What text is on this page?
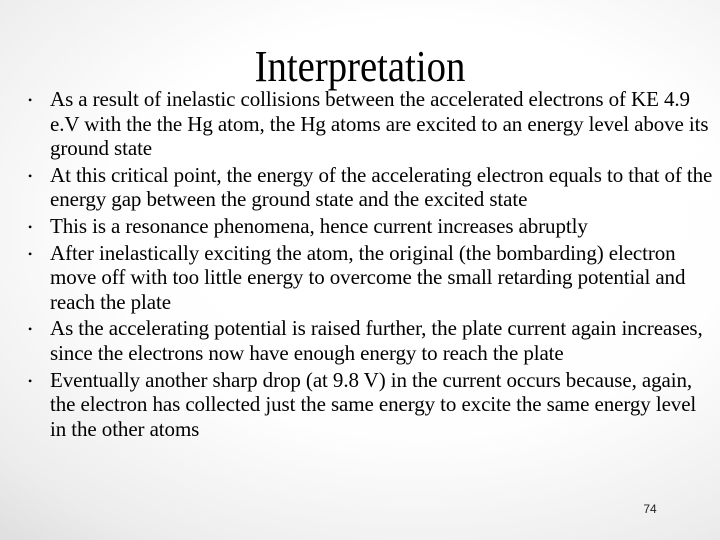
Interpretation
• As a result of inelastic collisions between the accelerated electrons of KE 4.9 e.V with the the Hg atom, the Hg atoms are excited to an energy level above its ground state
• At this critical point, the energy of the accelerating electron equals to that of the energy gap between the ground state and the excited state
• This is a resonance phenomena, hence current increases abruptly
• After inelastically exciting the atom, the original (the bombarding) electron move off with too little energy to overcome the small retarding potential and reach the plate
• As the accelerating potential is raised further, the plate current again increases, since the electrons now have enough energy to reach the plate
• Eventually another sharp drop (at 9.8 V) in the current occurs because, again, the electron has collected just the same energy to excite the same energy level in the other atoms
74
